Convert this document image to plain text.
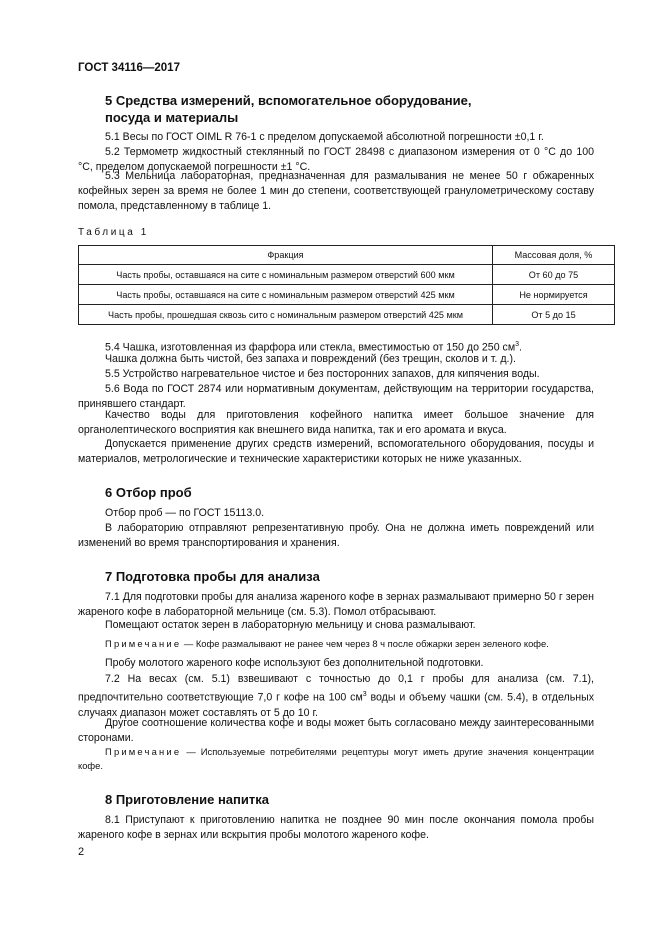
ГОСТ 34116—2017
5 Средства измерений, вспомогательное оборудование,
посуда и материалы

5.1 Весы по ГОСТ OIML R 76-1 с пределом допускаемой абсолютной погрешности ±0,1 г.

5.2 Термометр жидкостный стеклянный по ГОСТ 28498 с диапазоном измерения от 0 °С до 100 °С, пределом допускаемой погрешности ±1 °С.

5.3 Мельница лабораторная, предназначенная для размалывания не менее 50 г обжаренных кофейных зерен за время не более 1 мин до степени, соответствующей гранулометрическому составу помола, представленному в таблице 1.

Таблица 1
Фракция	Массовая доля, %
Часть пробы, оставшаяся на сите с номинальным размером отверстий 600 мкм	От 60 до 75
Часть пробы, оставшаяся на сите с номинальным размером отверстий 425 мкм	Не нормируется
Часть пробы, прошедшая сквозь сито с номинальным размером отверстий 425 мкм	От 5 до 15

5.4 Чашка, изготовленная из фарфора или стекла, вместимостью от 150 до 250 $см^3$.

Чашка должна быть чистой, без запаха и повреждений (без трещин, сколов и т. д.).

5.5 Устройство нагревательное чистое и без посторонних запахов, для кипячения воды.

5.6 Вода по ГОСТ 2874 или нормативным документам, действующим на территории государства, принявшего стандарт.

Качество воды для приготовления кофейного напитка имеет большое значение для органолептического восприятия как внешнего вида напитка, так и его аромата и вкуса.

Допускается применение других средств измерений, вспомогательного оборудования, посуды и материалов, метрологические и технические характеристики которых не ниже указанных.

6 Отбор проб

Отбор проб — по ГОСТ 15113.0.

В лабораторию отправляют репрезентативную пробу. Она не должна иметь повреждений или изменений во время транспортирования и хранения.

7 Подготовка пробы для анализа

7.1 Для подготовки пробы для анализа жареного кофе в зернах размалывают примерно 50 г зерен жареного кофе в лабораторной мельнице (см. 5.3). Помол отбрасывают.

Помещают остаток зерен в лабораторную мельницу и снова размалывают.

Примечание — Кофе размалывают не ранее чем через 8 ч после обжарки зерен зеленого кофе.

Пробу молотого жареного кофе используют без дополнительной подготовки.

7.2 На весах (см. 5.1) взвешивают с точностью до 0,1 г пробы для анализа (см. 7.1), предпочтительно соответствующие 7,0 г кофе на 100 $см^3$ воды и объему чашки (см. 5.4), в отдельных случаях диапазон может составлять от 5 до 10 г.

Другое соотношение количества кофе и воды может быть согласовано между заинтересованными сторонами.

Примечание — Используемые потребителями рецептуры могут иметь другие значения концентрации кофе.

8 Приготовление напитка

8.1 Приступают к приготовлению напитка не позднее 90 мин после окончания помола пробы жареного кофе в зернах или вскрытия пробы молотого жареного кофе.

2
